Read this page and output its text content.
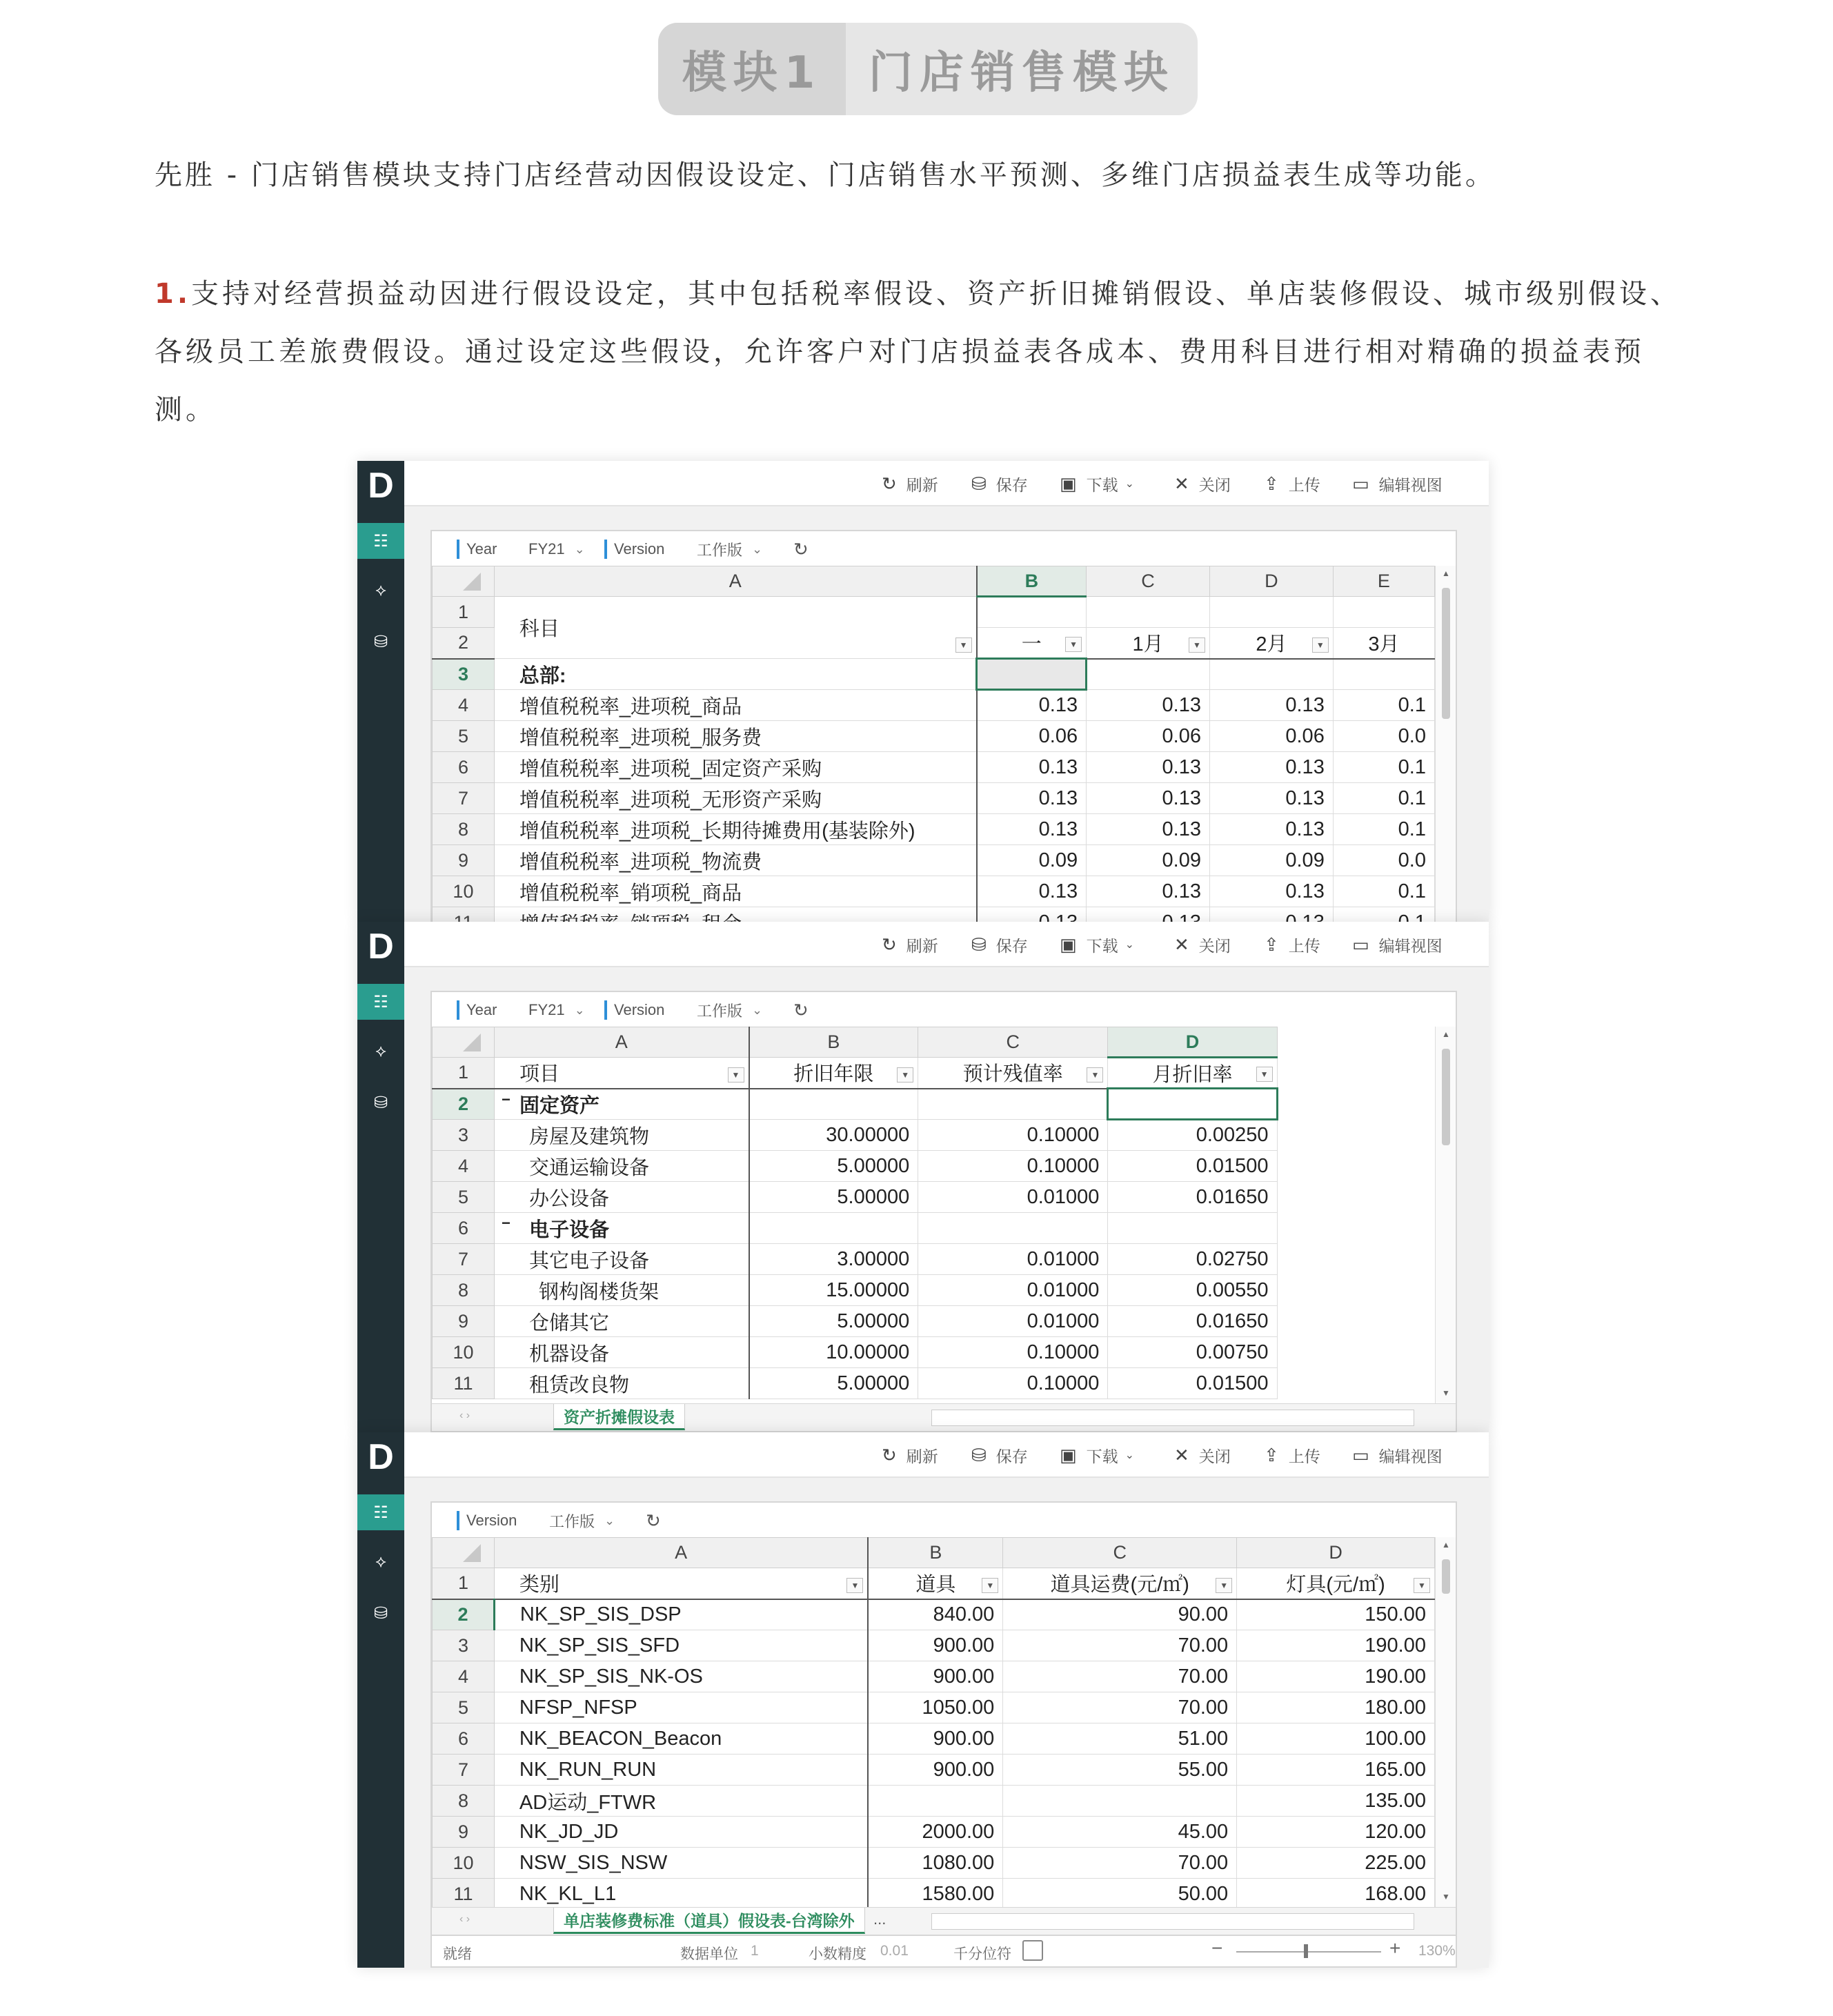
模块1 门店销售模块
先胜 - 门店销售模块支持门店经营动因假设设定、门店销售水平预测、多维门店损益表生成等功能。
1.支持对经营损益动因进行假设设定，其中包括税率假设、资产折旧摊销假设、单店装修假设、城市级别假设、各级员工差旅费假设。通过设定这些假设，允许客户对门店损益表各成本、费用科目进行相对精确的损益表预测。
D
☷
⟡
⛁
↻ 刷新 ⛁ 保存 ▣ 下载 ⌄ ✕ 关闭 ⇪ 上传 ▭ 编辑视图
Year FY21 ⌄	Version 工作版 ⌄ ↻
	A	B	C	D	E
1	科目
▼				

2		一 ▼	1月 ▼	2月 ▼	3月
3	总部:				
4	增值税税率_进项税_商品	0.13	0.13	0.13	0.1
5	增值税税率_进项税_服务费	0.06	0.06	0.06	0.0
6	增值税税率_进项税_固定资产采购	0.13	0.13	0.13	0.1
7	增值税税率_进项税_无形资产采购	0.13	0.13	0.13	0.1
8	增值税税率_进项税_长期待摊费用(基装除外)	0.13	0.13	0.13	0.1
9	增值税税率_进项税_物流费	0.09	0.09	0.09	0.0
10	增值税税率_销项税_商品	0.13	0.13	0.13	0.1

▲
D
☷
⟡
⛁
↻ 刷新 ⛁ 保存 ▣ 下载 ⌄ ✕ 关闭 ⇪ 上传 ▭ 编辑视图
Year FY21 ⌄	Version 工作版 ⌄ ↻
	A	B	C	D	
1	项目 ▼	折旧年限 ▼	预计残值率 ▼	月折旧率 ▼	

2	− 固定资产				
3	房屋及建筑物	30.00000	0.10000	0.00250	
4	交通运输设备	5.00000	0.10000	0.01500	
5	办公设备	5.00000	0.01000	0.01650	
6	− 电子设备				
7	其它电子设备	3.00000	0.01000	0.02750	
8	钢构阁楼货架	15.00000	0.01000	0.00550	
9	仓储其它	5.00000	0.01000	0.01650	
10	机器设备	10.00000	0.10000	0.00750	
11	租赁改良物	5.00000	0.10000	0.01500	
▲
▼
‹ ›	资产折摊假设表
D
☷
⟡
⛁
↻ 刷新 ⛁ 保存 ▣ 下载 ⌄ ✕ 关闭 ⇪ 上传 ▭ 编辑视图
Version 工作版 ⌄ ↻
	A	B	C	D
1	类别 ▼	道具 ▼	道具运费(元/㎡) ▼	灯具(元/㎡) ▼

2	NK_SP_SIS_DSP	840.00	90.00	150.00
3	NK_SP_SIS_SFD	900.00	70.00	190.00
4	NK_SP_SIS_NK-OS	900.00	70.00	190.00
5	NFSP_NFSP	1050.00	70.00	180.00
6	NK_BEACON_Beacon	900.00	51.00	100.00
7	NK_RUN_RUN	900.00	55.00	165.00
8	AD运动_FTWR			135.00
9	NK_JD_JD	2000.00	45.00	120.00
10	NSW_SIS_NSW	1080.00	70.00	225.00
11	NK_KL_L1	1580.00	50.00	168.00
▲
▼
‹ ›	单店装修费标准（道具）假设表-台湾除外	...
就绪	数据单位 1	小数精度 0.01	千分位符	−	+ 130%
